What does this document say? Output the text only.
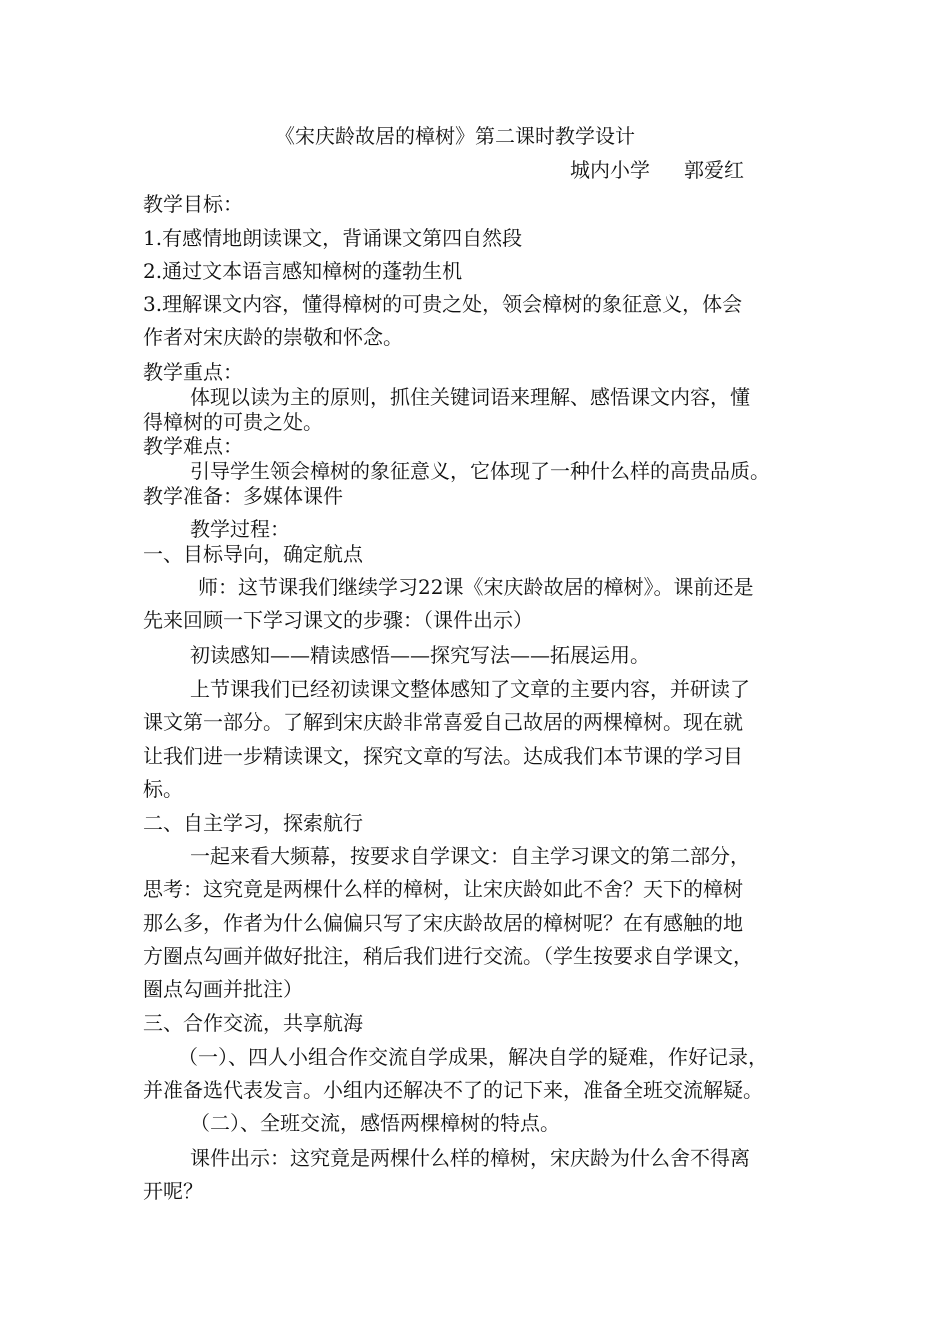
《宋庆龄故居的樟树》第二课时教学设计
城内小学 郭爱红
教学目标：
1.有感情地朗读课文，背诵课文第四自然段
2.通过文本语言感知樟树的蓬勃生机
3.理解课文内容，懂得樟树的可贵之处，领会樟树的象征意义，体会
作者对宋庆龄的崇敬和怀念。
教学重点：
体现以读为主的原则，抓住关键词语来理解、感悟课文内容，懂
得樟树的可贵之处。
教学难点：
引导学生领会樟树的象征意义，它体现了一种什么样的高贵品质。
教学准备：多媒体课件
教学过程：
一、目标导向，确定航点
师：这节课我们继续学习22课《宋庆龄故居的樟树》。课前还是
先来回顾一下学习课文的步骤：（课件出示）
初读感知——精读感悟——探究写法——拓展运用。
上节课我们已经初读课文整体感知了文章的主要内容，并研读了
课文第一部分。了解到宋庆龄非常喜爱自己故居的两棵樟树。现在就
让我们进一步精读课文，探究文章的写法。达成我们本节课的学习目
标。
二、自主学习，探索航行
一起来看大频幕，按要求自学课文：自主学习课文的第二部分，
思考：这究竟是两棵什么样的樟树，让宋庆龄如此不舍？天下的樟树
那么多，作者为什么偏偏只写了宋庆龄故居的樟树呢？在有感触的地
方圈点勾画并做好批注，稍后我们进行交流。（学生按要求自学课文，
圈点勾画并批注）
三、合作交流，共享航海
（一）、四人小组合作交流自学成果，解决自学的疑难，作好记录，
并准备选代表发言。小组内还解决不了的记下来，准备全班交流解疑。
（二）、全班交流，感悟两棵樟树的特点。
课件出示：这究竟是两棵什么样的樟树，宋庆龄为什么舍不得离
开呢？
